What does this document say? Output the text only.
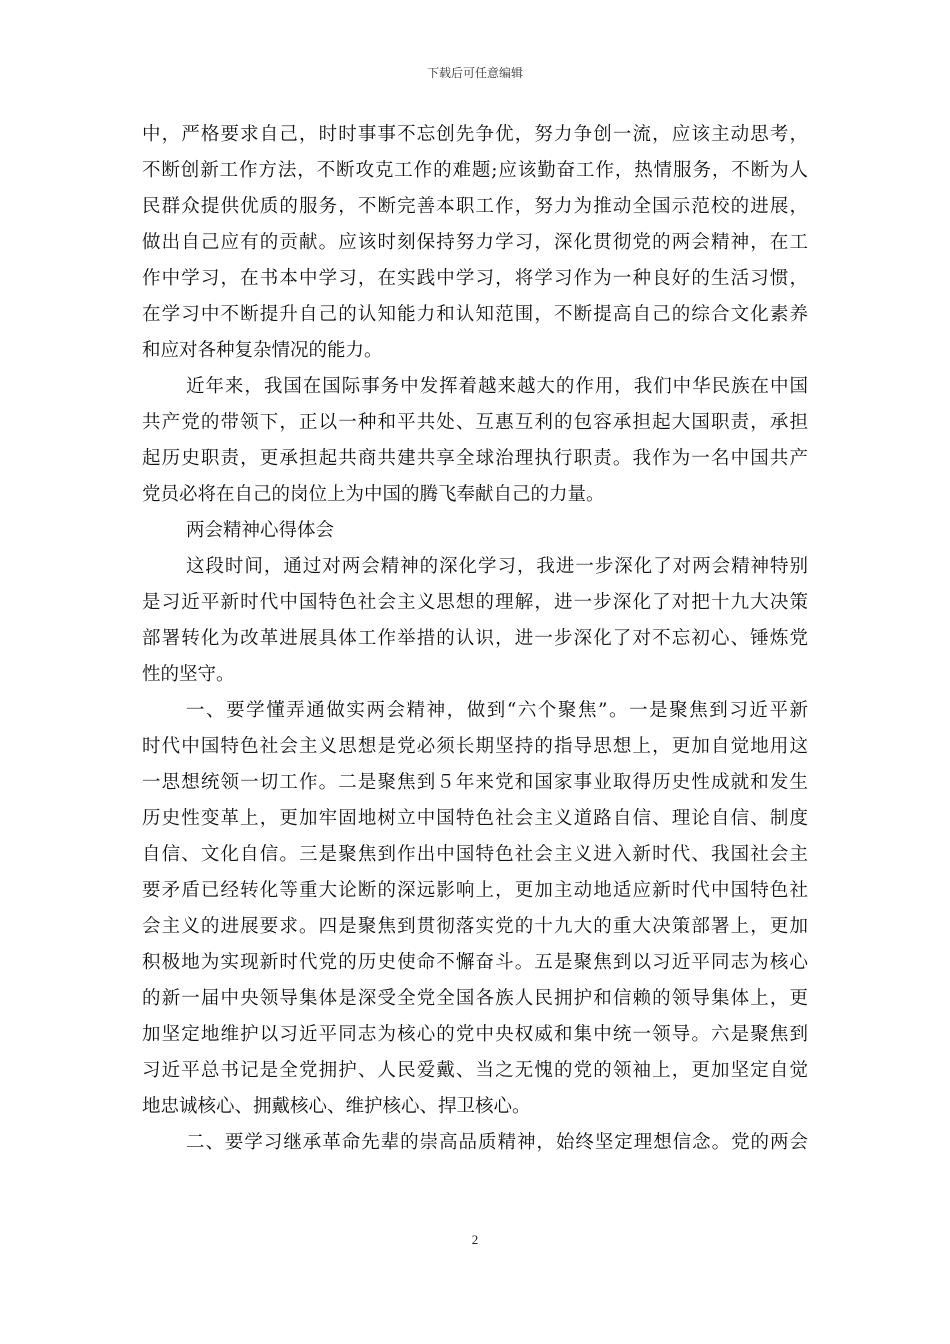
下载后可任意编辑
中，严格要求自己，时时事事不忘创先争优，努力争创一流，应该主动思考，
不断创新工作方法，不断攻克工作的难题;应该勤奋工作，热情服务，不断为人
民群众提供优质的服务，不断完善本职工作，努力为推动全国示范校的进展，
做出自己应有的贡献。应该时刻保持努力学习，深化贯彻党的两会精神，在工
作中学习，在书本中学习，在实践中学习，将学习作为一种良好的生活习惯，
在学习中不断提升自己的认知能力和认知范围，不断提高自己的综合文化素养
和应对各种复杂情况的能力。
近年来，我国在国际事务中发挥着越来越大的作用，我们中华民族在中国
共产党的带领下，正以一种和平共处、互惠互利的包容承担起大国职责，承担
起历史职责，更承担起共商共建共享全球治理执行职责。我作为一名中国共产
党员必将在自己的岗位上为中国的腾飞奉献自己的力量。
两会精神心得体会
这段时间，通过对两会精神的深化学习，我进一步深化了对两会精神特别
是习近平新时代中国特色社会主义思想的理解，进一步深化了对把十九大决策
部署转化为改革进展具体工作举措的认识，进一步深化了对不忘初心、锤炼党
性的坚守。
一、要学懂弄通做实两会精神，做到“六个聚焦”。一是聚焦到习近平新
时代中国特色社会主义思想是党必须长期坚持的指导思想上，更加自觉地用这
一思想统领一切工作。二是聚焦到５年来党和国家事业取得历史性成就和发生
历史性变革上，更加牢固地树立中国特色社会主义道路自信、理论自信、制度
自信、文化自信。三是聚焦到作出中国特色社会主义进入新时代、我国社会主
要矛盾已经转化等重大论断的深远影响上，更加主动地适应新时代中国特色社
会主义的进展要求。四是聚焦到贯彻落实党的十九大的重大决策部署上，更加
积极地为实现新时代党的历史使命不懈奋斗。五是聚焦到以习近平同志为核心
的新一届中央领导集体是深受全党全国各族人民拥护和信赖的领导集体上，更
加坚定地维护以习近平同志为核心的党中央权威和集中统一领导。六是聚焦到
习近平总书记是全党拥护、人民爱戴、当之无愧的党的领袖上，更加坚定自觉
地忠诚核心、拥戴核心、维护核心、捍卫核心。
二、要学习继承革命先辈的崇高品质精神，始终坚定理想信念。党的两会
2
